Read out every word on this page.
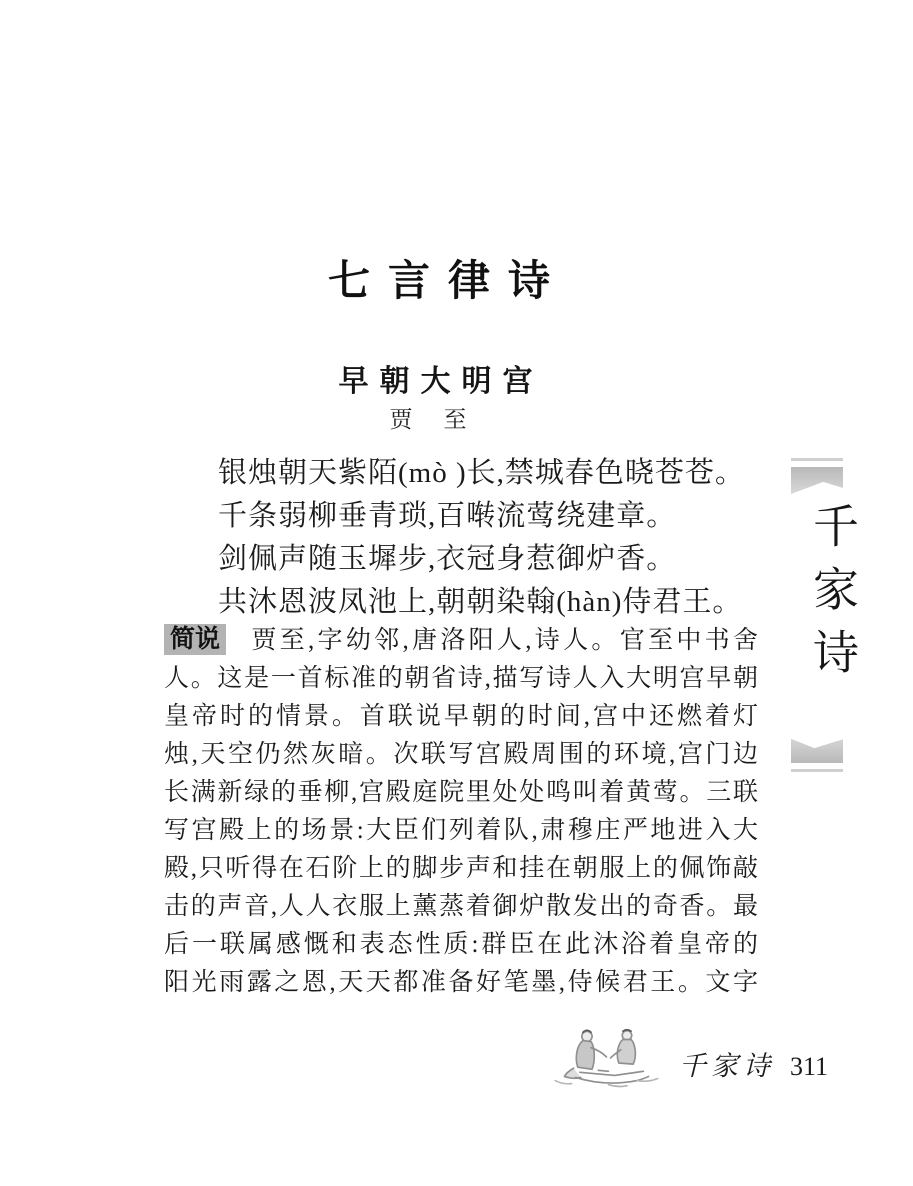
七言律诗
早朝大明宫
贾　至
银烛朝天紫陌(mò )长,禁城春色晓苍苍。
千条弱柳垂青琐,百啭流莺绕建章。
剑佩声随玉墀步,衣冠身惹御炉香。
共沐恩波凤池上,朝朝染翰(hàn)侍君王。
简说 贾至,字幼邻,唐洛阳人,诗人。官至中书舍
人。这是一首标准的朝省诗,描写诗人入大明宫早朝
皇帝时的情景。首联说早朝的时间,宫中还燃着灯
烛,天空仍然灰暗。次联写宫殿周围的环境,宫门边
长满新绿的垂柳,宫殿庭院里处处鸣叫着黄莺。三联
写宫殿上的场景:大臣们列着队,肃穆庄严地进入大
殿,只听得在石阶上的脚步声和挂在朝服上的佩饰敲
击的声音,人人衣服上薰蒸着御炉散发出的奇香。最
后一联属感慨和表态性质:群臣在此沐浴着皇帝的
阳光雨露之恩,天天都准备好笔墨,侍候君王。文字
千家诗
千家诗 311
